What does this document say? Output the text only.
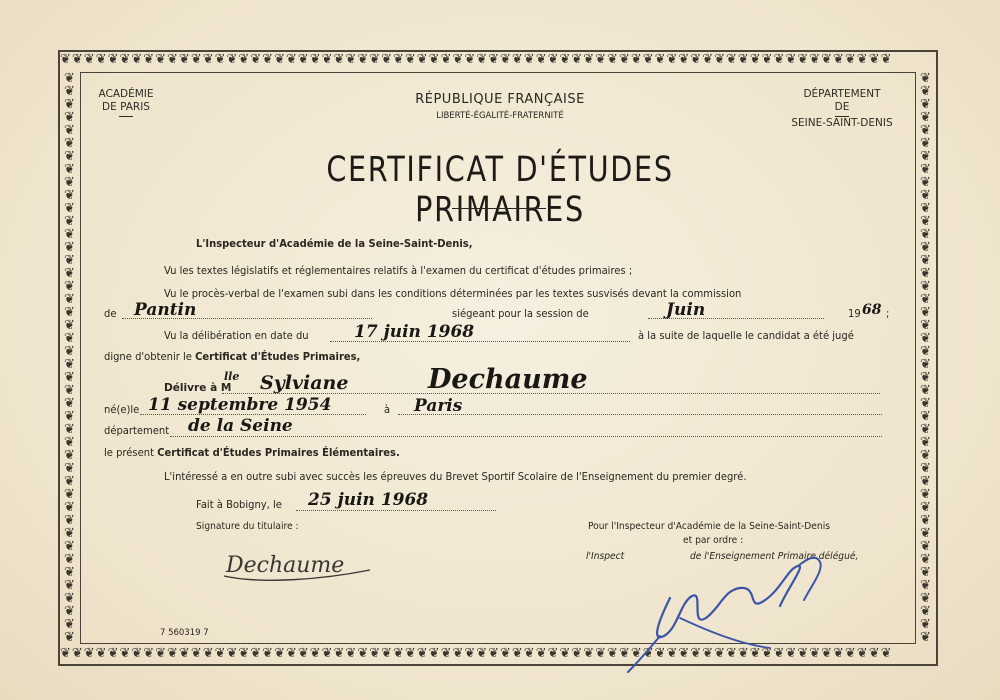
❦❦❦❦❦❦❦❦❦❦❦❦❦❦❦❦❦❦❦❦❦❦❦❦❦❦❦❦❦❦❦❦❦❦❦❦❦❦❦❦❦❦❦❦❦❦❦❦❦❦❦❦❦❦❦❦❦❦❦❦❦❦❦❦❦❦❦❦❦❦
❦❦❦❦❦❦❦❦❦❦❦❦❦❦❦❦❦❦❦❦❦❦❦❦❦❦❦❦❦❦❦❦❦❦❦❦❦❦❦❦❦❦❦❦❦❦❦❦❦❦❦❦❦❦❦❦❦❦❦❦❦❦❦❦❦❦❦❦❦❦
❦❦❦❦❦❦❦❦❦❦❦❦❦❦❦❦❦❦❦❦❦❦❦❦❦❦❦❦❦❦❦❦❦❦❦❦❦❦❦❦❦❦❦❦
❦❦❦❦❦❦❦❦❦❦❦❦❦❦❦❦❦❦❦❦❦❦❦❦❦❦❦❦❦❦❦❦❦❦❦❦❦❦❦❦❦❦❦❦
ACADÉMIE
DE PARIS	RÉPUBLIQUE FRANÇAISE
LIBERTÉ-ÉGALITÉ-FRATERNITÉ
DÉPARTEMENT
DE
SEINE-SAINT-DENIS
CERTIFICAT D'ÉTUDES PRIMAIRES
L'Inspecteur d'Académie de la Seine-Saint-Denis,
Vu les textes législatifs et réglementaires relatifs à l'examen du certificat d'études primaires ;
Vu le procès-verbal de l'examen subi dans les conditions déterminées par les textes susvisés devant la commission
de Pantin	siégeant pour la session de	Juin	19 68 ;
Vu la délibération en date du	17 juin 1968	à la suite de laquelle le candidat a été jugé
digne d'obtenir le Certificat d'Études Primaires,
Délivre à M
lle Sylviane	Dechaume
né(e)le 11 septembre 1954	à Paris
département de la Seine
le présent Certificat d'Études Primaires Élémentaires.
L'intéressé a en outre subi avec succès les épreuves du Brevet Sportif Scolaire de l'Enseignement du premier degré.
Fait à Bobigny, le 25 juin 1968
Signature du titulaire :	Pour l'Inspecteur d'Académie de la Seine-Saint-Denis
et par ordre :
l'Inspect	de l'Enseignement Primaire délégué,
Dechaume
7 560319 7
